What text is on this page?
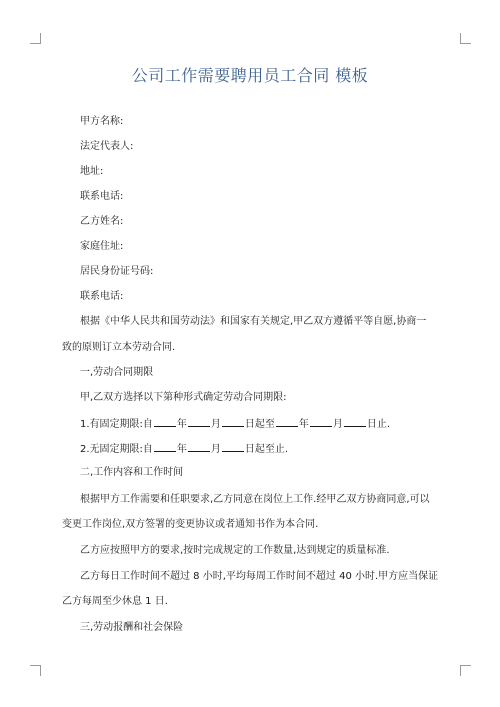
公司工作需要聘用员工合同 模板
甲方名称:
法定代表人:
地址:
联系电话:
乙方姓名:
家庭住址:
居民身份证号码:
联系电话:
根据《中华人民共和国劳动法》和国家有关规定,甲乙双方遵循平等自愿,协商一
致的原则订立本劳动合同.
一,劳动合同期限
甲,乙双方选择以下第种形式确定劳动合同期限:
1.有固定期限:自 年 月 日起至 年 月 日止.
2.无固定期限:自 年 月 日起至止.
二,工作内容和工作时间
根据甲方工作需要和任职要求,乙方同意在岗位上工作.经甲乙双方协商同意,可以
变更工作岗位,双方签署的变更协议或者通知书作为本合同.
乙方应按照甲方的要求,按时完成规定的工作数量,达到规定的质量标准.
乙方每日工作时间不超过 8 小时,平均每周工作时间不超过 40 小时.甲方应当保证
乙方每周至少休息 1 日.
三,劳动报酬和社会保险
